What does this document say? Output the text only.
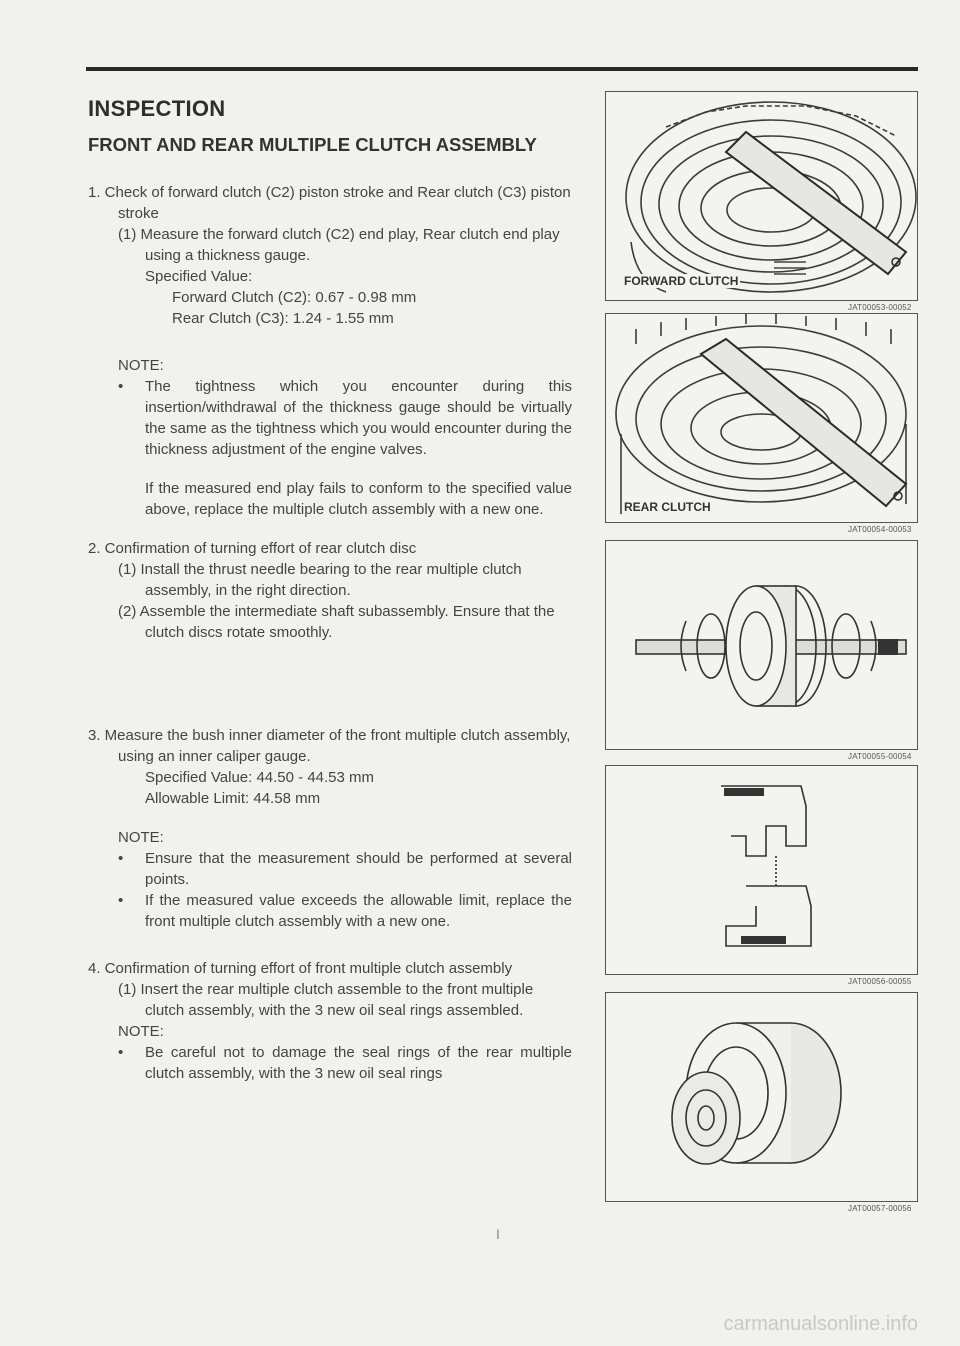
INSPECTION
FRONT AND REAR MULTIPLE CLUTCH ASSEMBLY

1. Check of forward clutch (C2) piston stroke and Rear clutch (C3) piston stroke

(1) Measure the forward clutch (C2) end play, Rear clutch end play using a thickness gauge.

Specified Value:

Forward Clutch (C2): 0.67 - 0.98 mm

Rear Clutch (C3): 1.24 - 1.55 mm

NOTE:

• The tightness which you encounter during this insertion/withdrawal of the thickness gauge should be virtually the same as the tightness which you would encounter during the thickness adjustment of the engine valves.

If the measured end play fails to conform to the specified value above, replace the multiple clutch assembly with a new one.

2. Confirmation of turning effort of rear clutch disc

(1) Install the thrust needle bearing to the rear multiple clutch assembly, in the right direction.

(2) Assemble the intermediate shaft subassembly. Ensure that the clutch discs rotate smoothly.

3. Measure the bush inner diameter of the front multiple clutch assembly, using an inner caliper gauge.

Specified Value: 44.50 - 44.53 mm

Allowable Limit: 44.58 mm

NOTE:

• Ensure that the measurement should be performed at several points.

• If the measured value exceeds the allowable limit, replace the front multiple clutch assembly with a new one.

4. Confirmation of turning effort of front multiple clutch assembly

(1) Insert the rear multiple clutch assemble to the front multiple clutch assembly, with the 3 new oil seal rings assembled.

NOTE:

• Be careful not to damage the seal rings of the rear multiple clutch assembly, with the 3 new oil seal rings

FORWARD CLUTCH
JAT00053-00052
REAR CLUTCH
JAT00054-00053
JAT00055-00054
JAT00056-00055
JAT00057-00056
I
carmanualsonline.info
